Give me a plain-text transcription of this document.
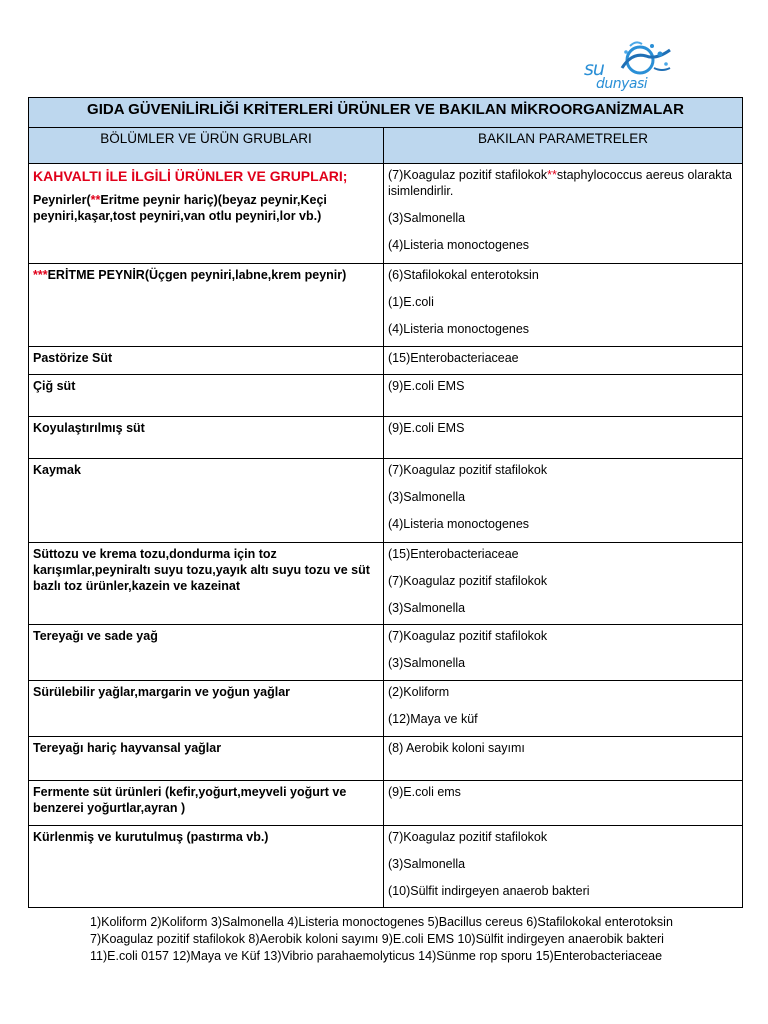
su
dunyasi
GIDA GÜVENİLİRLİĞİ KRİTERLERİ ÜRÜNLER VE BAKILAN MİKROORGANİZMALAR	
BÖLÜMLER VE ÜRÜN GRUBLARI	BAKILAN PARAMETRELER

KAHVALTI İLE İLGİLİ ÜRÜNLER VE GRUPLARI;
Peynirler(**Eritme peynir hariç)(beyaz peynir,Keçi peyniri,kaşar,tost peyniri,van otlu peyniri,lor vb.)	(7)Koagulaz pozitif stafilokok**staphylococcus aereus olarakta isimlendirlir.
(3)Salmonella
(4)Listeria monoctogenes

***ERİTME PEYNİR(Üçgen peyniri,labne,krem peynir)	(6)Stafilokokal enterotoksin
(1)E.coli
(4)Listeria monoctogenes

Pastörize Süt	(15)Enterobacteriaceae

Çiğ süt	(9)E.coli EMS

Koyulaştırılmış süt	(9)E.coli EMS

Kaymak	(7)Koagulaz pozitif stafilokok
(3)Salmonella
(4)Listeria monoctogenes

Süttozu ve krema tozu,dondurma için toz karışımlar,peyniraltı suyu tozu,yayık altı suyu tozu ve süt bazlı toz ürünler,kazein ve kazeinat	(15)Enterobacteriaceae
(7)Koagulaz pozitif stafilokok
(3)Salmonella

Tereyağı ve sade yağ	(7)Koagulaz pozitif stafilokok
(3)Salmonella

Sürülebilir yağlar,margarin ve yoğun yağlar	(2)Koliform
(12)Maya ve küf

Tereyağı hariç hayvansal yağlar	(8) Aerobik koloni sayımı

Fermente süt ürünleri (kefir,yoğurt,meyveli yoğurt ve benzerei yoğurtlar,ayran )	(9)E.coli ems

Kürlenmiş ve kurutulmuş (pastırma vb.)	(7)Koagulaz pozitif stafilokok
(3)Salmonella
(10)Sülfit indirgeyen anaerob bakteri
1)Koliform 2)Koliform 3)Salmonella 4)Listeria monoctogenes 5)Bacillus cereus 6)Stafilokokal enterotoksin 7)Koagulaz pozitif stafilokok 8)Aerobik koloni sayımı 9)E.coli EMS 10)Sülfit indirgeyen anaerobik bakteri 11)E.coli 0157 12)Maya ve Küf 13)Vibrio parahaemolyticus 14)Sünme rop sporu 15)Enterobacteriaceae
